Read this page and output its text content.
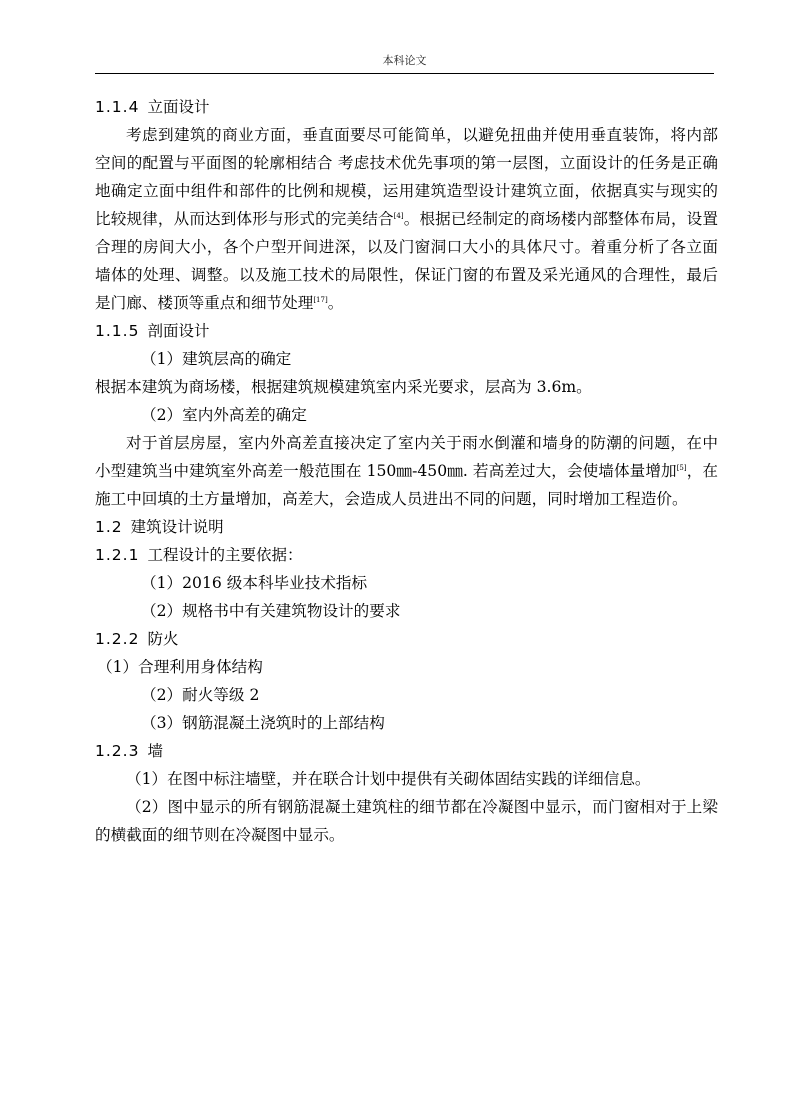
本科论文
1.1.4 立面设计
考虑到建筑的商业方面，垂直面要尽可能简单，以避免扭曲并使用垂直装饰，将内部空间的配置与平面图的轮廓相结合 考虑技术优先事项的第一层图，立面设计的任务是正确地确定立面中组件和部件的比例和规模，运用建筑造型设计建筑立面，依据真实与现实的比较规律，从而达到体形与形式的完美结合[4]。根据已经制定的商场楼内部整体布局，设置合理的房间大小，各个户型开间进深，以及门窗洞口大小的具体尺寸。着重分析了各立面墙体的处理、调整。以及施工技术的局限性，保证门窗的布置及采光通风的合理性，最后是门廊、楼顶等重点和细节处理[17]。
1.1.5 剖面设计
（1）建筑层高的确定
根据本建筑为商场楼，根据建筑规模建筑室内采光要求，层高为 3.6m。
（2）室内外高差的确定
对于首层房屋，室内外高差直接决定了室内关于雨水倒灌和墙身的防潮的问题，在中小型建筑当中建筑室外高差一般范围在 150㎜-450㎜. 若高差过大，会使墙体量增加[5]，在施工中回填的土方量增加，高差大，会造成人员进出不同的问题，同时增加工程造价。
1.2 建筑设计说明
1.2.1 工程设计的主要依据：
（1）2016 级本科毕业技术指标
（2）规格书中有关建筑物设计的要求
1.2.2 防火
（1）合理利用身体结构
（2）耐火等级 2
（3）钢筋混凝土浇筑时的上部结构
1.2.3 墙
（1）在图中标注墙壁，并在联合计划中提供有关砌体固结实践的详细信息。
（2）图中显示的所有钢筋混凝土建筑柱的细节都在冷凝图中显示，而门窗相对于上梁的横截面的细节则在冷凝图中显示。
